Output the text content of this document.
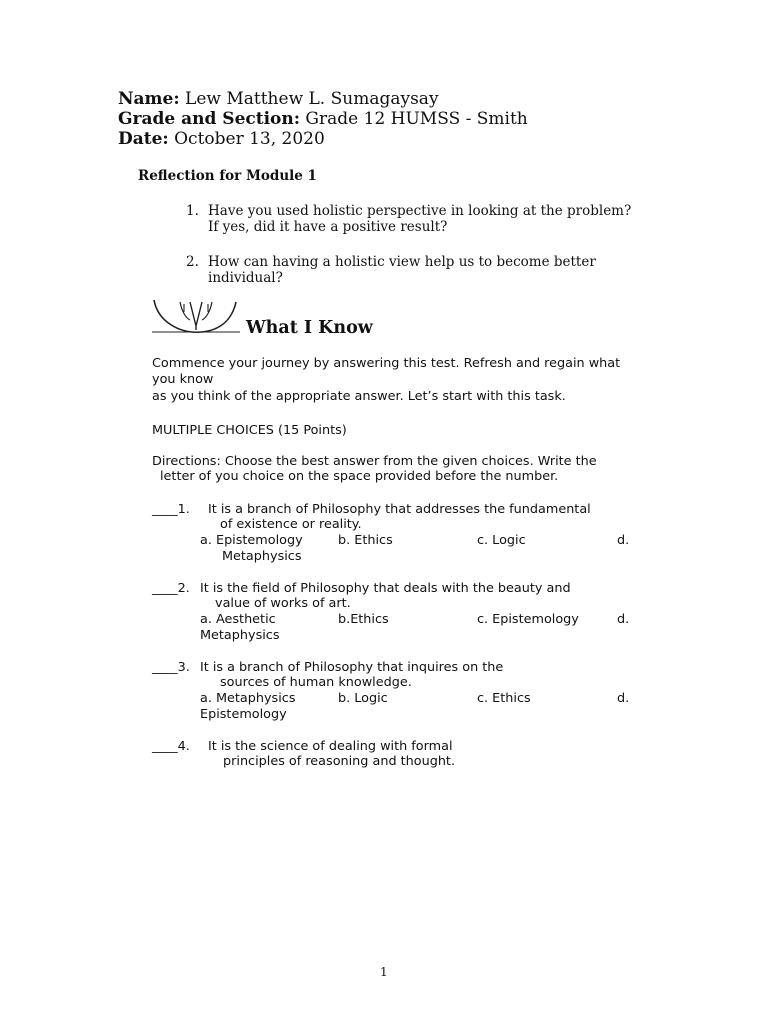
Name: Lew Matthew L. Sumagaysay
Grade and Section: Grade 12 HUMSS - Smith
Date: October 13, 2020
Reflection for Module 1
1. Have you used holistic perspective in looking at the problem?
If yes, did it have a positive result?
2. How can having a holistic view help us to become better
individual?
What I Know
Commence your journey by answering this test. Refresh and regain what
you know
as you think of the appropriate answer. Let’s start with this task.
MULTIPLE CHOICES (15 Points)
Directions: Choose the best answer from the given choices. Write the
letter of you choice on the space provided before the number.
____1. It is a branch of Philosophy that addresses the fundamental
of existence or reality.
a. Epistemology	b. Ethics	c. Logic	d.
Metaphysics
____2. It is the field of Philosophy that deals with the beauty and
value of works of art.
a. Aesthetic	b.Ethics	c. Epistemology	d.
Metaphysics
____3. It is a branch of Philosophy that inquires on the
sources of human knowledge.
a. Metaphysics	b. Logic	c. Ethics	d.
Epistemology
____4. It is the science of dealing with formal
principles of reasoning and thought.
1
